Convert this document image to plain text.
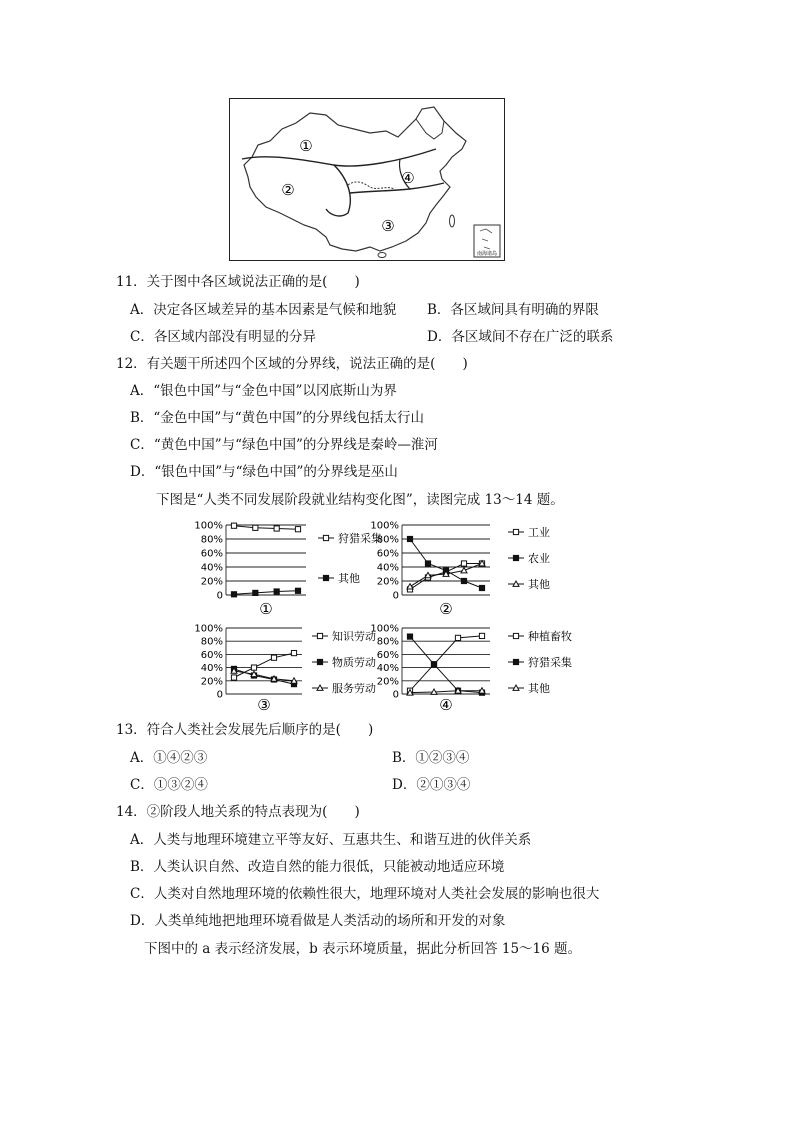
南海诸岛
①
②
③
④
11．关于图中各区域说法正确的是(　　)
A．决定各区域差异的基本因素是气候和地貌 B．各区域间具有明确的界限
C．各区域内部没有明显的分异	D．各区域间不存在广泛的联系
12．有关题干所述四个区域的分界线，说法正确的是(　　)
A．“银色中国”与“金色中国”以冈底斯山为界
B．“金色中国”与“黄色中国”的分界线包括太行山
C．“黄色中国”与“绿色中国”的分界线是秦岭—淮河
D．“银色中国”与“绿色中国”的分界线是巫山
下图是“人类不同发展阶段就业结构变化图”，读图完成 13～14 题。
100%
80%
60%
40%
20%
0
狩猎采集
其他
①
100%
80%
60%
40%
20%
0
工业
农业
其他
②
100%
80%
60%
40%
20%
0
知识劳动
物质劳动
服务劳动
③
100%
80%
60%
40%
20%
0
种植畜牧
狩猎采集
其他
④
13．符合人类社会发展先后顺序的是(　　)
A．①④②③	B．①②③④
C．①③②④	D．②①③④
14．②阶段人地关系的特点表现为(　　)
A．人类与地理环境建立平等友好、互惠共生、和谐互进的伙伴关系
B．人类认识自然、改造自然的能力很低，只能被动地适应环境
C．人类对自然地理环境的依赖性很大，地理环境对人类社会发展的影响也很大
D．人类单纯地把地理环境看做是人类活动的场所和开发的对象
下图中的 a 表示经济发展，b 表示环境质量，据此分析回答 15～16 题。
